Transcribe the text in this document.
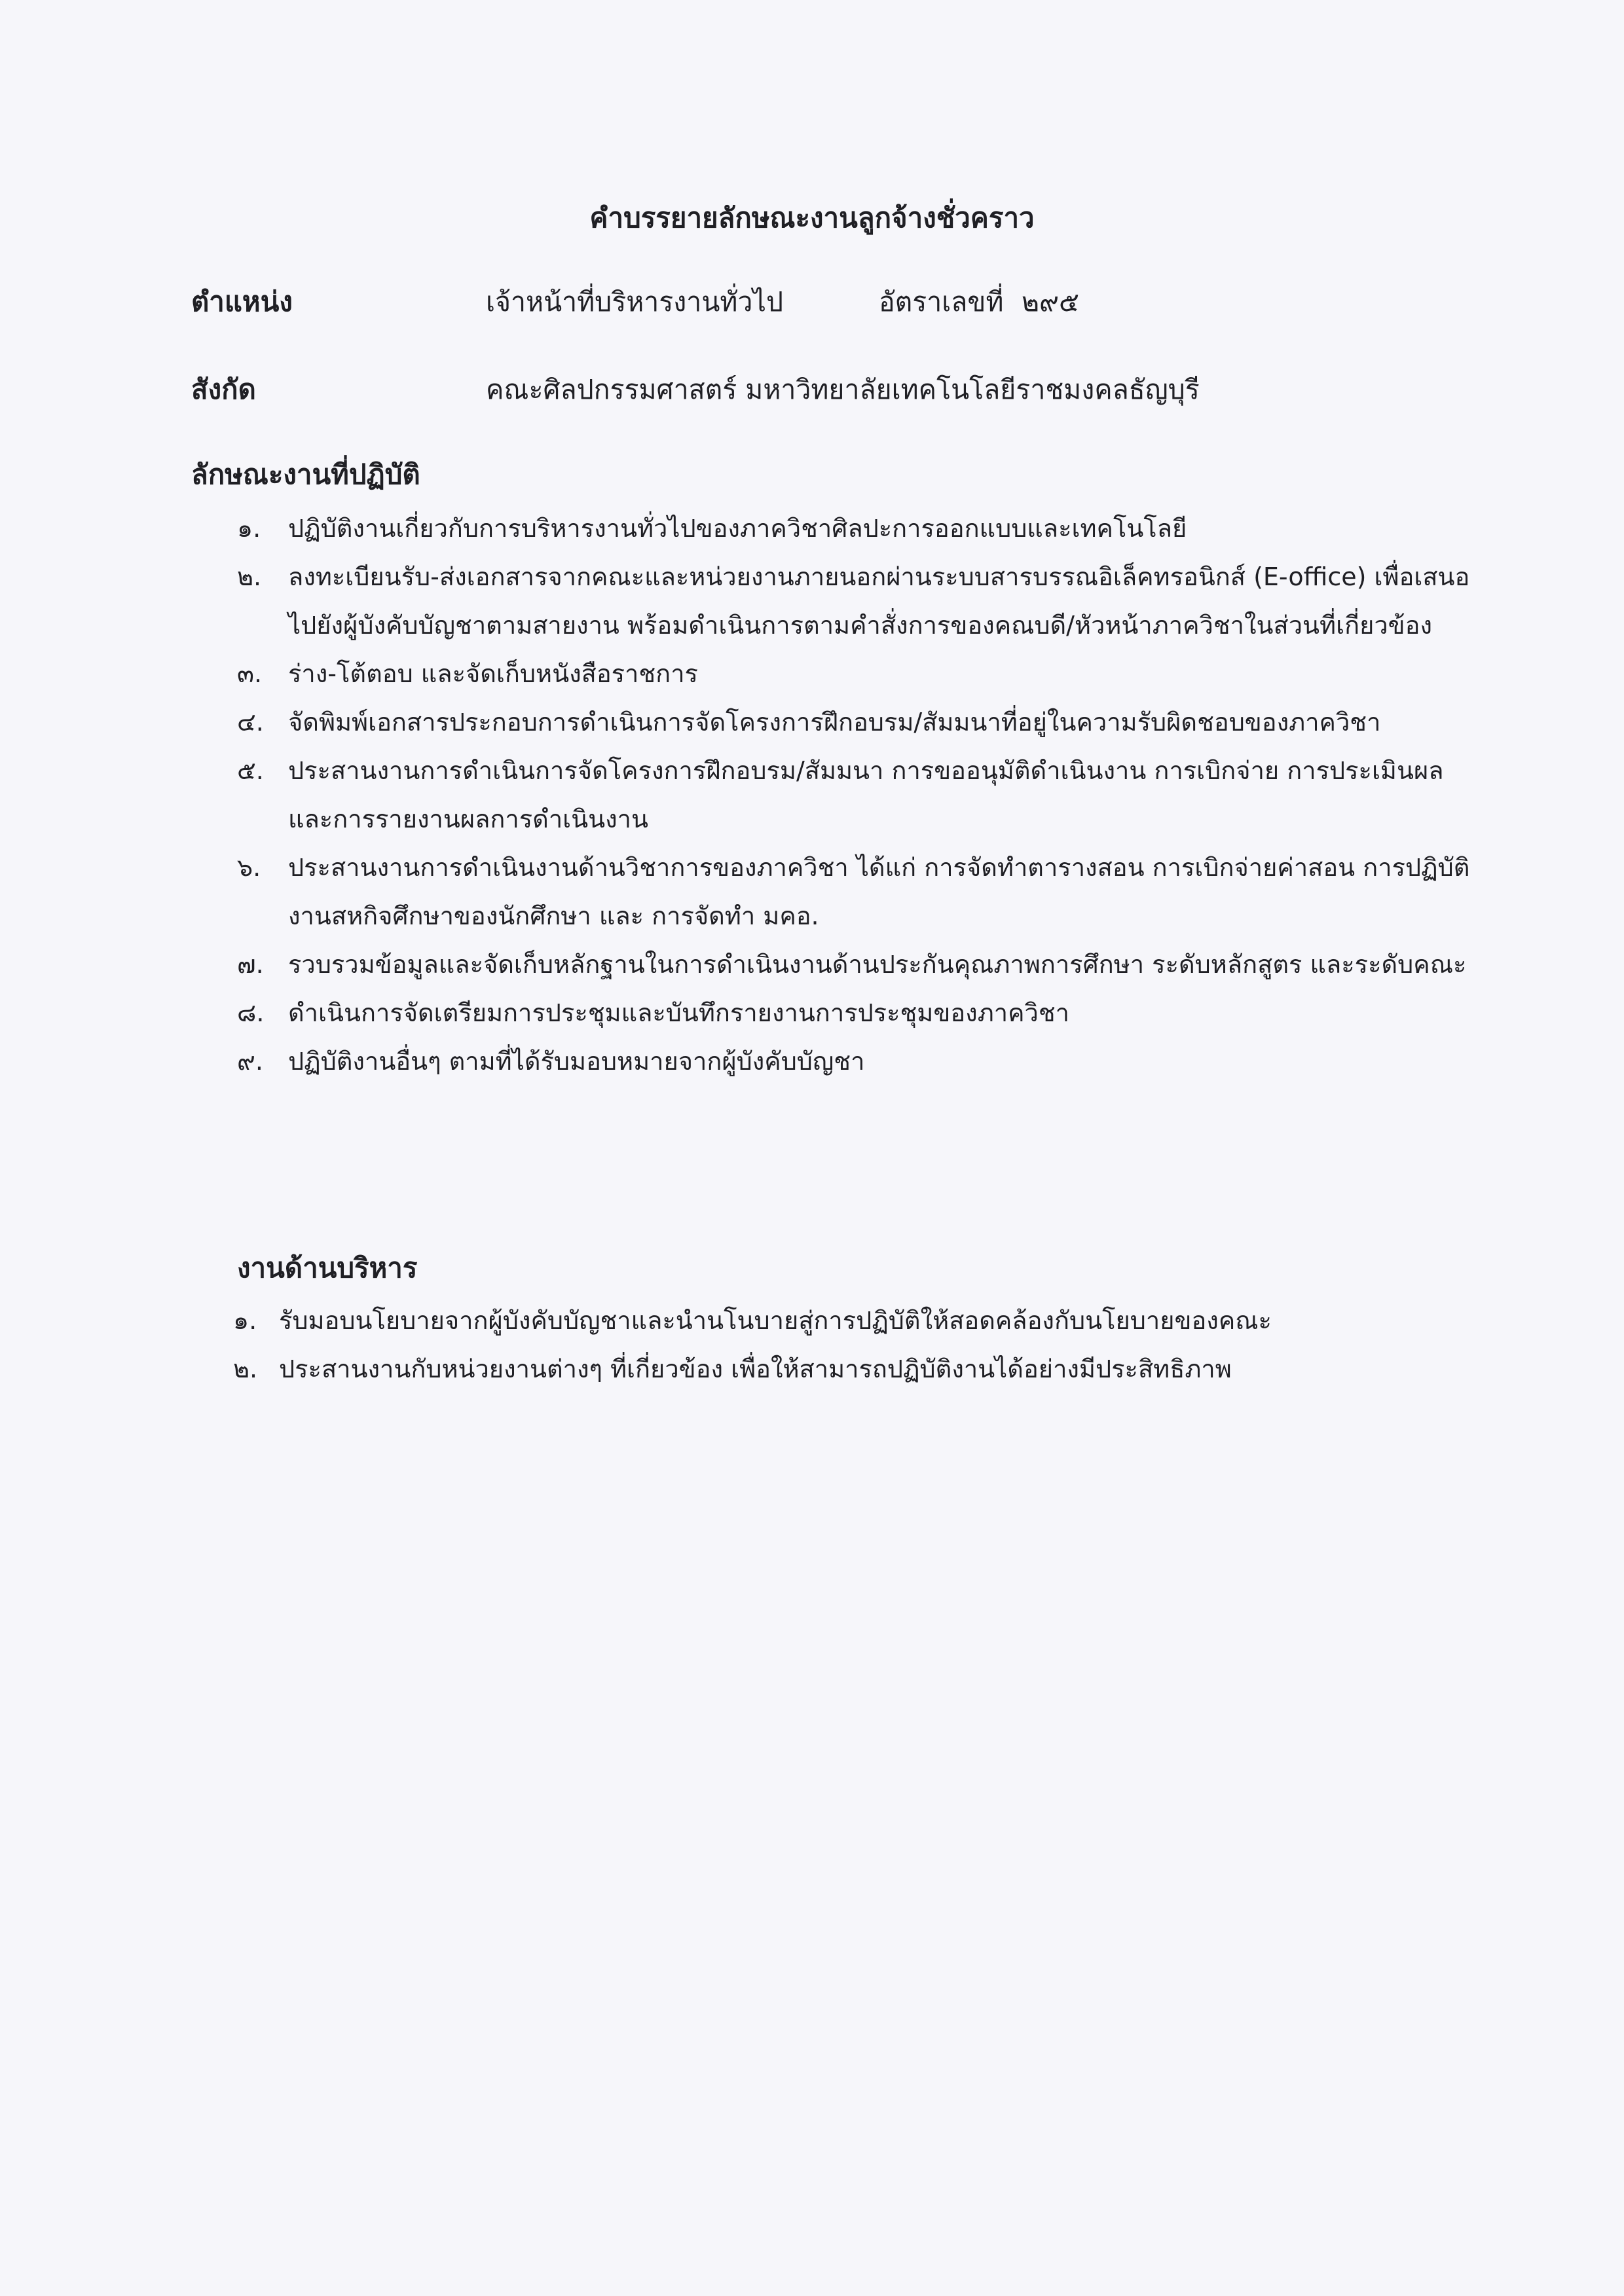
คำบรรยายลักษณะงานลูกจ้างชั่วคราว
ตำแหน่ง	เจ้าหน้าที่บริหารงานทั่วไป	อัตราเลขที่ ๒๙๕
สังกัด	คณะศิลปกรรมศาสตร์ มหาวิทยาลัยเทคโนโลยีราชมงคลธัญบุรี
ลักษณะงานที่ปฏิบัติ
๑.	ปฏิบัติงานเกี่ยวกับการบริหารงานทั่วไปของภาควิชาศิลปะการออกแบบและเทคโนโลยี
๒.	ลงทะเบียนรับ-ส่งเอกสารจากคณะและหน่วยงานภายนอกผ่านระบบสารบรรณอิเล็คทรอนิกส์ (E-office) เพื่อเสนอไปยังผู้บังคับบัญชาตามสายงาน พร้อมดำเนินการตามคำสั่งการของคณบดี/หัวหน้าภาควิชาในส่วนที่เกี่ยวข้อง
๓.	ร่าง-โต้ตอบ และจัดเก็บหนังสือราชการ
๔. จัดพิมพ์เอกสารประกอบการดำเนินการจัดโครงการฝึกอบรม/สัมมนาที่อยู่ในความรับผิดชอบของภาควิชา
๕. ประสานงานการดำเนินการจัดโครงการฝึกอบรม/สัมมนา การขออนุมัติดำเนินงาน การเบิกจ่าย การประเมินผล และการรายงานผลการดำเนินงาน
๖.	ประสานงานการดำเนินงานด้านวิชาการของภาควิชา ได้แก่ การจัดทำตารางสอน การเบิกจ่ายค่าสอน การปฏิบัติงานสหกิจศึกษาของนักศึกษา และ การจัดทำ มคอ.
๗. รวบรวมข้อมูลและจัดเก็บหลักฐานในการดำเนินงานด้านประกันคุณภาพการศึกษา ระดับหลักสูตร และระดับคณะ
๘. ดำเนินการจัดเตรียมการประชุมและบันทึกรายงานการประชุมของภาควิชา
๙.	ปฏิบัติงานอื่นๆ ตามที่ได้รับมอบหมายจากผู้บังคับบัญชา
งานด้านบริหาร
๑. รับมอบนโยบายจากผู้บังคับบัญชาและนำนโนบายสู่การปฏิบัติให้สอดคล้องกับนโยบายของคณะ
๒. ประสานงานกับหน่วยงานต่างๆ ที่เกี่ยวข้อง เพื่อให้สามารถปฏิบัติงานได้อย่างมีประสิทธิภาพ
